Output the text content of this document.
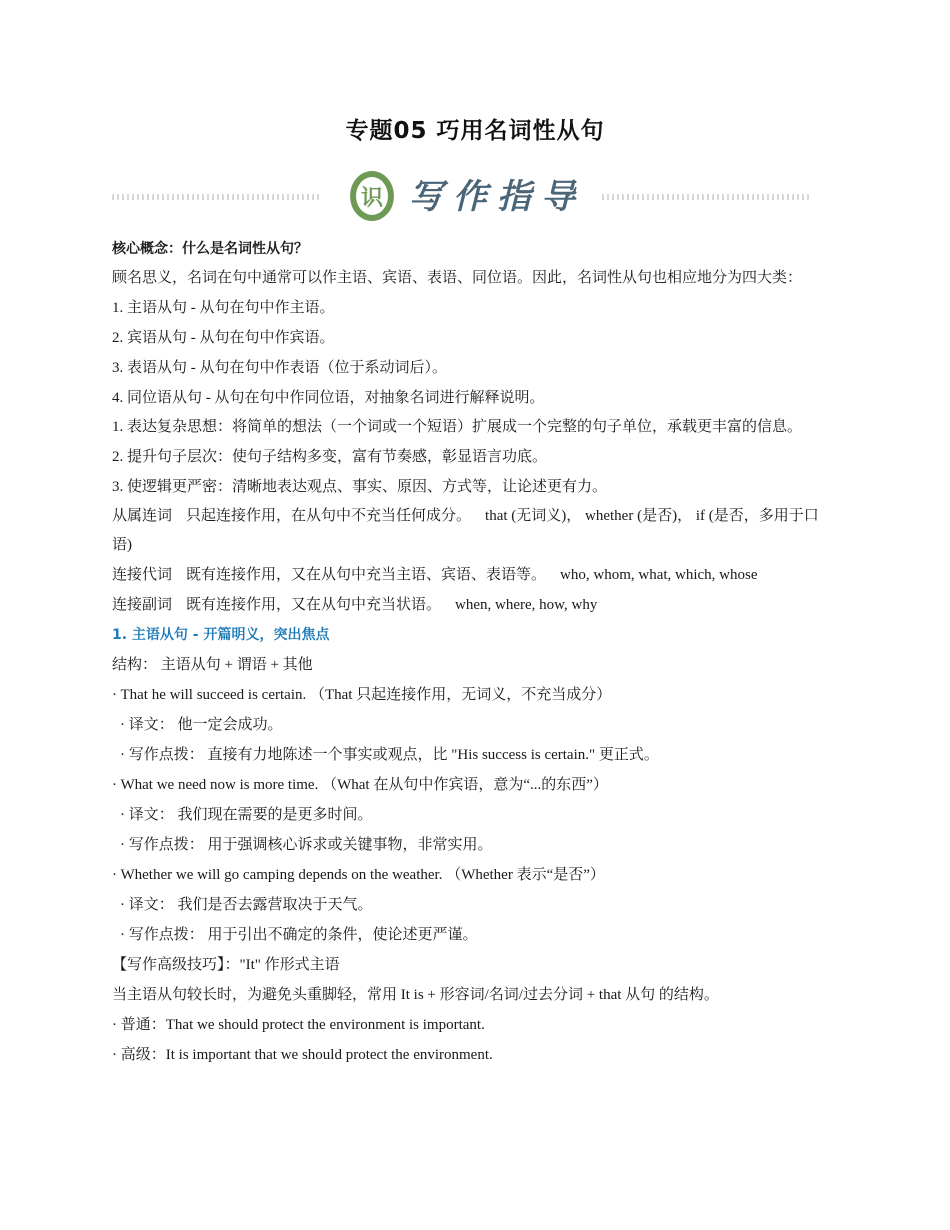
专题05 巧用名词性从句
识 写作指导
核心概念：什么是名词性从句？
顾名思义，名词在句中通常可以作主语、宾语、表语、同位语。因此，名词性从句也相应地分为四大类：
1. 主语从句 - 从句在句中作主语。
2. 宾语从句 - 从句在句中作宾语。
3. 表语从句 - 从句在句中作表语（位于系动词后）。
4. 同位语从句 - 从句在句中作同位语，对抽象名词进行解释说明。
1. 表达复杂思想：将简单的想法（一个词或一个短语）扩展成一个完整的句子单位，承载更丰富的信息。
2. 提升句子层次：使句子结构多变，富有节奏感，彰显语言功底。
3. 使逻辑更严密：清晰地表达观点、事实、原因、方式等，让论述更有力。
从属连词 只起连接作用，在从句中不充当任何成分。 that (无词义)， whether (是否)， if (是否，多用于口语)
连接代词 既有连接作用，又在从句中充当主语、宾语、表语等。 who, whom, what, which, whose
连接副词 既有连接作用，又在从句中充当状语。 when, where, how, why
1. 主语从句 - 开篇明义，突出焦点
结构： 主语从句 + 谓语 + 其他
· That he will succeed is certain. （That 只起连接作用，无词义，不充当成分）
· 译文： 他一定会成功。
· 写作点拨： 直接有力地陈述一个事实或观点，比 "His success is certain." 更正式。
· What we need now is more time. （What 在从句中作宾语，意为“...的东西”）
· 译文： 我们现在需要的是更多时间。
· 写作点拨： 用于强调核心诉求或关键事物，非常实用。
· Whether we will go camping depends on the weather. （Whether 表示“是否”）
· 译文： 我们是否去露营取决于天气。
· 写作点拨： 用于引出不确定的条件，使论述更严谨。
【写作高级技巧】："It" 作形式主语
当主语从句较长时，为避免头重脚轻，常用 It is + 形容词/名词/过去分词 + that 从句 的结构。
· 普通：That we should protect the environment is important.
· 高级：It is important that we should protect the environment.
